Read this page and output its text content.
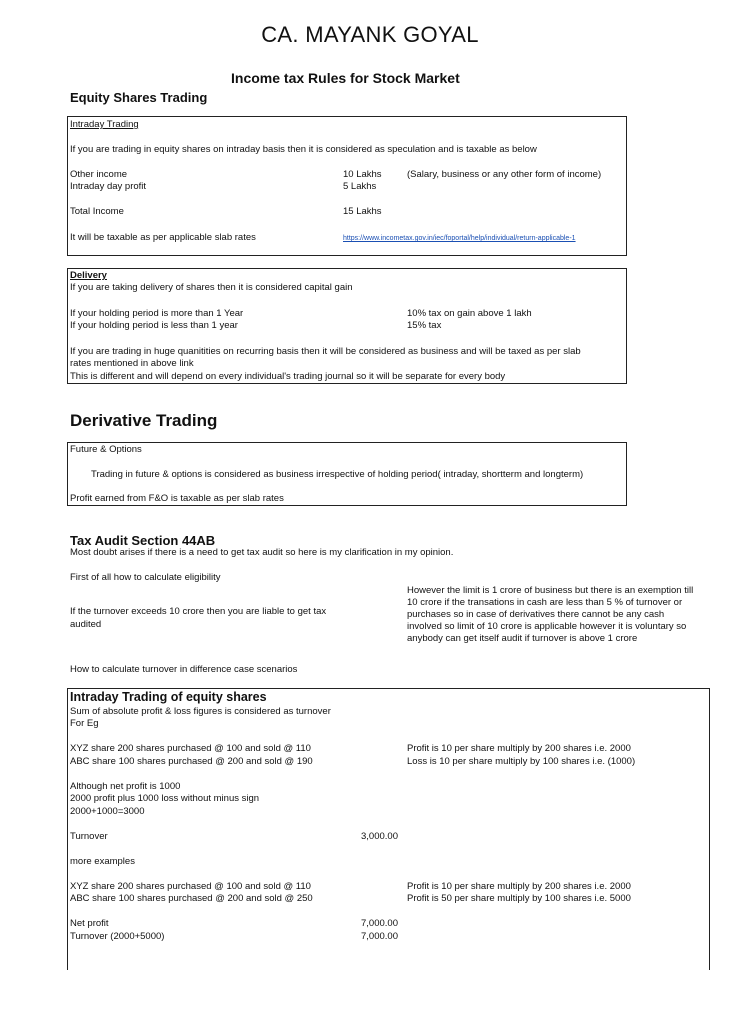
CA. MAYANK GOYAL
Income tax Rules for Stock Market
Equity Shares Trading
Intraday Trading
If you are trading in equity shares on intraday basis then it is considered as speculation and is taxable as below
Other income	10 Lakhs	(Salary, business or any other form of income)
Intraday day profit	5 Lakhs
Total Income	15 Lakhs
It will be taxable as per applicable slab rates	https://www.incometax.gov.in/iec/foportal/help/individual/return-applicable-1
Delivery
If you are taking delivery of shares then it is considered capital gain
If your holding period is more than 1 Year	10% tax on gain above 1 lakh
If your holding period is less than 1 year	15% tax
If you are trading in huge quanitities on recurring basis then it will be considered as business and will be taxed as per slab
rates mentioned in above link
This is different and will depend on every individual's trading journal so it will be separate for every body
Derivative Trading
Future & Options
Trading in future & options is considered as business irrespective of holding period( intraday, shortterm and longterm)
Profit earned from F&O is taxable as per slab rates
Tax Audit Section 44AB
Most doubt arises if there is a need to get tax audit so here is my clarification in my opinion.
First of all how to calculate eligibility
If the turnover exceeds 10 crore then you are liable to get tax
audited
However the limit is 1 crore of business but there is an exemption till
10 crore if the transations in cash are less than 5 % of turnover or
purchases so in case of derivatives there cannot be any cash
involved so limit of 10 crore is applicable however it is voluntary so
anybody can get itself audit if turnover is above 1 crore
How to calculate turnover in difference case scenarios
Intraday Trading of equity shares
Sum of absolute profit & loss figures is considered as turnover
For Eg
XYZ share 200 shares purchased @ 100 and sold @ 110	Profit is 10 per share multiply by 200 shares i.e. 2000
ABC share 100 shares purchased @ 200 and sold @ 190	Loss is 10 per share multiply by 100 shares i.e. (1000)
Although net profit is 1000
2000 profit plus 1000 loss without minus sign
2000+1000=3000
Turnover	3,000.00
more examples
XYZ share 200 shares purchased @ 100 and sold @ 110	Profit is 10 per share multiply by 200 shares i.e. 2000
ABC share 100 shares purchased @ 200 and sold @ 250	Profit is 50 per share multiply by 100 shares i.e. 5000
Net profit	7,000.00
Turnover (2000+5000)	7,000.00
